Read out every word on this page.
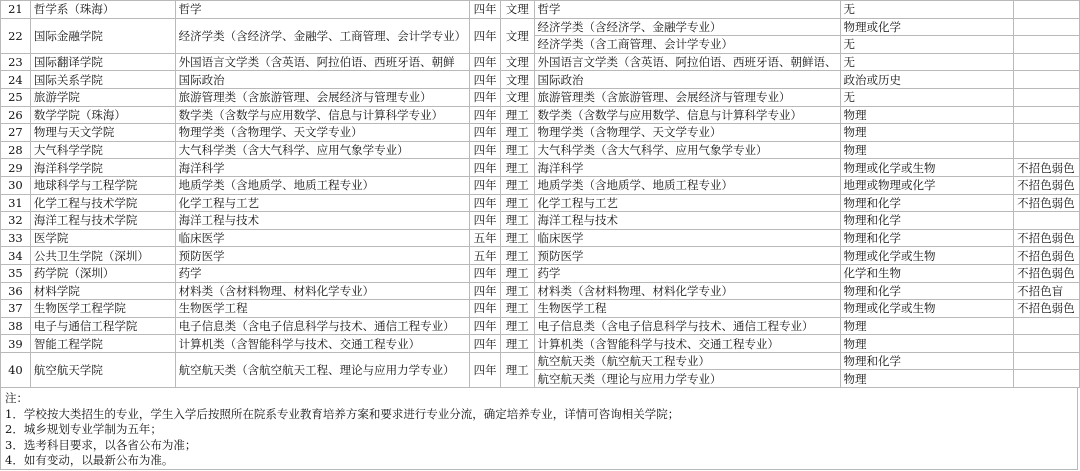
21	哲学系（珠海）	哲学	四年	文理	哲学	无	
22	国际金融学院	经济学类（含经济学、金融学、工商管理、会计学专业）	四年	文理	经济学类（含经济学、金融学专业）	物理或化学	
					经济学类（含工商管理、会计学专业）	无	
23	国际翻译学院	外国语言文学类（含英语、阿拉伯语、西班牙语、朝鲜	四年	文理	外国语言文学类（含英语、阿拉伯语、西班牙语、朝鲜语、	无	
24	国际关系学院	国际政治	四年	文理	国际政治	政治或历史	
25	旅游学院	旅游管理类（含旅游管理、会展经济与管理专业）	四年	文理	旅游管理类（含旅游管理、会展经济与管理专业）	无	
26	数学学院（珠海）	数学类（含数学与应用数学、信息与计算科学专业）	四年	理工	数学类（含数学与应用数学、信息与计算科学专业）	物理	
27	物理与天文学院	物理学类（含物理学、天文学专业）	四年	理工	物理学类（含物理学、天文学专业）	物理	
28	大气科学学院	大气科学类（含大气科学、应用气象学专业）	四年	理工	大气科学类（含大气科学、应用气象学专业）	物理	
29	海洋科学学院	海洋科学	四年	理工	海洋科学	物理或化学或生物	不招色弱色
30	地球科学与工程学院	地质学类（含地质学、地质工程专业）	四年	理工	地质学类（含地质学、地质工程专业）	地理或物理或化学	不招色弱色
31	化学工程与技术学院	化学工程与工艺	四年	理工	化学工程与工艺	物理和化学	不招色弱色
32	海洋工程与技术学院	海洋工程与技术	四年	理工	海洋工程与技术	物理和化学	
33	医学院	临床医学	五年	理工	临床医学	物理和化学	不招色弱色
34	公共卫生学院（深圳）	预防医学	五年	理工	预防医学	物理或化学或生物	不招色弱色
35	药学院（深圳）	药学	四年	理工	药学	化学和生物	不招色弱色
36	材料学院	材料类（含材料物理、材料化学专业）	四年	理工	材料类（含材料物理、材料化学专业）	物理和化学	不招色盲
37	生物医学工程学院	生物医学工程	四年	理工	生物医学工程	物理或化学或生物	不招色弱色
38	电子与通信工程学院	电子信息类（含电子信息科学与技术、通信工程专业）	四年	理工	电子信息类（含电子信息科学与技术、通信工程专业）	物理	
39	智能工程学院	计算机类（含智能科学与技术、交通工程专业）	四年	理工	计算机类（含智能科学与技术、交通工程专业）	物理	
40	航空航天学院	航空航天类（含航空航天工程、理论与应用力学专业）	四年	理工	航空航天类（航空航天工程专业）	物理和化学	
					航空航天类（理论与应用力学专业）	物理	
注：
1．学校按大类招生的专业，学生入学后按照所在院系专业教育培养方案和要求进行专业分流，确定培养专业，详情可咨询相关学院；
2．城乡规划专业学制为五年；
3．选考科目要求，以各省公布为准；
4．如有变动，以最新公布为准。
